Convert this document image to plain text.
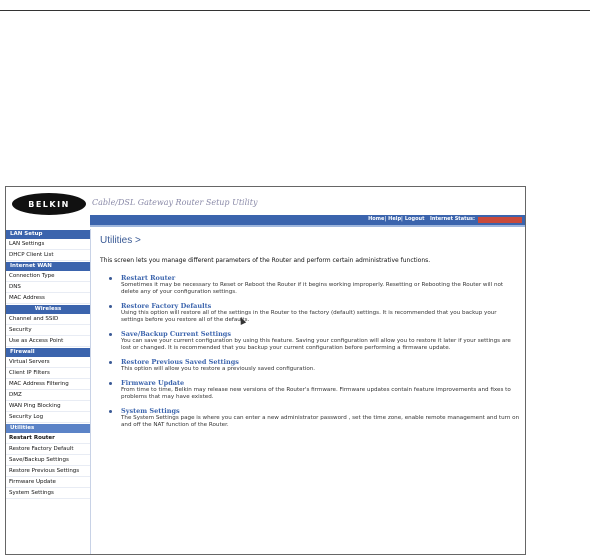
BELKIN	Cable/DSL Gateway Router Setup Utility
Home| Help| Logout Internet Status:
LAN Setup
LAN Settings
DHCP Client List
Internet WAN
Connection Type
DNS
MAC Address
Wireless
Channel and SSID
Security
Use as Access Point
Firewall
Virtual Servers
Client IP Filters
MAC Address Filtering
DMZ
WAN Ping Blocking
Security Log
Utilities
Restart Router
Restore Factory Default
Save/Backup Settings
Restore Previous Settings
Firmware Update
System Settings
Utilities >
This screen lets you manage different parameters of the Router and perform certain administrative functions.
Restart Router
Sometimes it may be necessary to Reset or Reboot the Router if it begins working improperly. Resetting or Rebooting the Router will not delete any of your configuration settings.
Restore Factory Defaults
Using this option will restore all of the settings in the Router to the factory (default) settings. It is recommended that you backup your settings before you restore all of the defaults.
Save/Backup Current Settings
You can save your current configuration by using this feature. Saving your configuration will allow you to restore it later if your settings are lost or changed. It is recommended that you backup your current configuration before performing a firmware update.
Restore Previous Saved Settings
This option will allow you to restore a previously saved configuration.
Firmware Update
From time to time, Belkin may release new versions of the Router's firmware. Firmware updates contain feature improvements and fixes to problems that may have existed.
System Settings
The System Settings page is where you can enter a new administrator password , set the time zone, enable remote management and turn on and off the NAT function of the Router.
